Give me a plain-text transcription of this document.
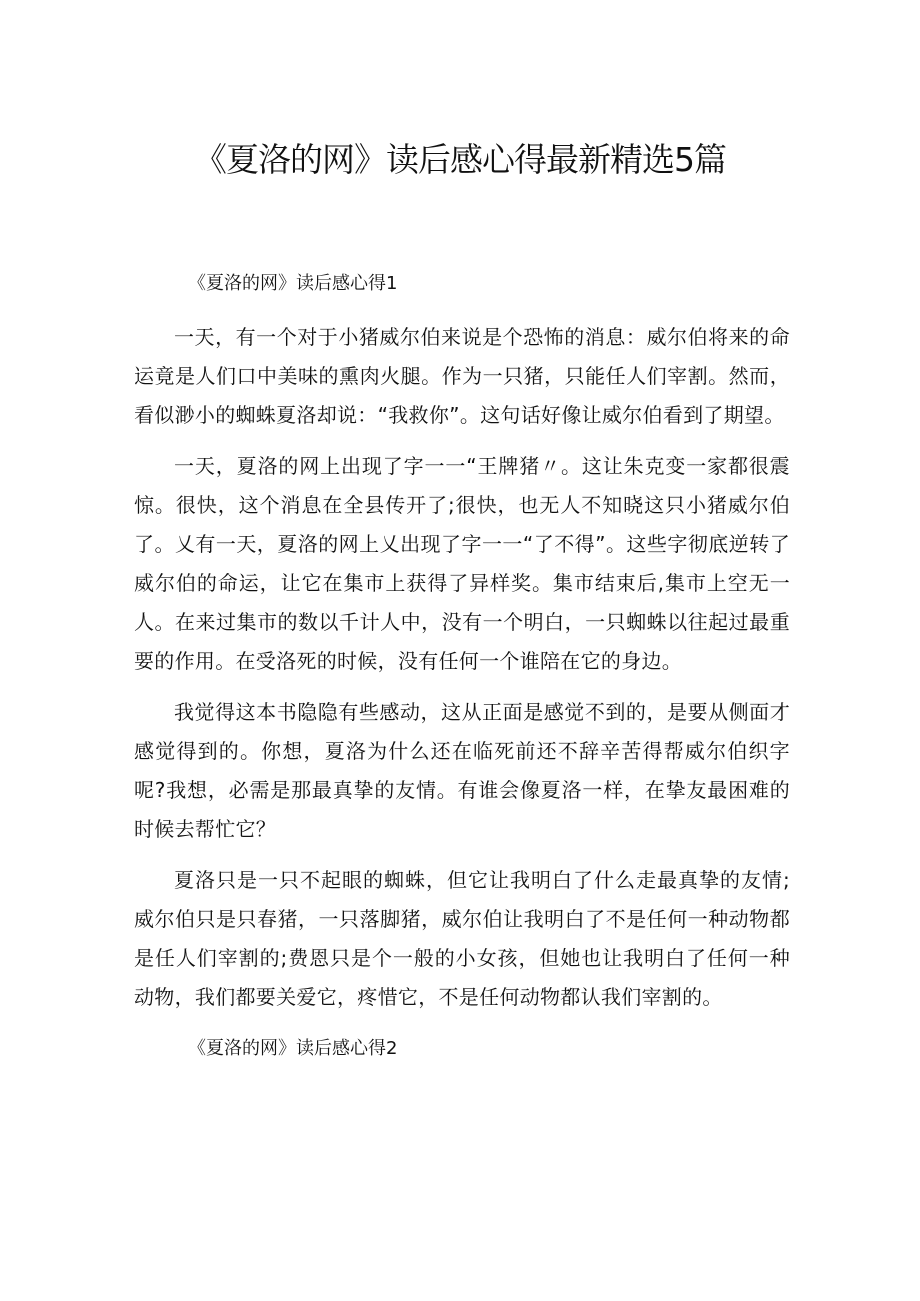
《夏洛的网》读后感心得最新精选5篇

《夏洛的网》读后感心得1

一天，有一个对于小猪威尔伯来说是个恐怖的消息：威尔伯将来的命运竟是人们口中美味的熏肉火腿。作为一只猪，只能任人们宰割。然而，看似渺小的蜘蛛夏洛却说：“我救你”。这句话好像让威尔伯看到了期望。

一天，夏洛的网上出现了字一一“王牌猪〃。这让朱克变一家都很震惊。很快，这个消息在全县传开了;很快，也无人不知晓这只小猪威尔伯了。乂有一天，夏洛的网上乂出现了字一一“了不得”。这些字彻底逆转了威尔伯的命运，让它在集市上获得了异样奖。集市结束后,集市上空无一人。在来过集市的数以千计人中，没有一个明白，一只蜘蛛以往起过最重要的作用。在受洛死的时候，没有任何一个谁陪在它的身边。

我觉得这本书隐隐有些感动，这从正面是感觉不到的，是要从侧面才感觉得到的。你想，夏洛为什么还在临死前还不辞辛苦得帮威尔伯织字呢?我想，必需是那最真挚的友情。有谁会像夏洛一样，在挚友最困难的时候去帮忙它？

夏洛只是一只不起眼的蜘蛛，但它让我明白了什么走最真挚的友情;威尔伯只是只春猪，一只落脚猪，威尔伯让我明白了不是任何一种动物都是任人们宰割的;费恩只是个一般的小女孩，但她也让我明白了任何一种动物，我们都要关爱它，疼惜它，不是任何动物都认我们宰割的。

《夏洛的网》读后感心得2
